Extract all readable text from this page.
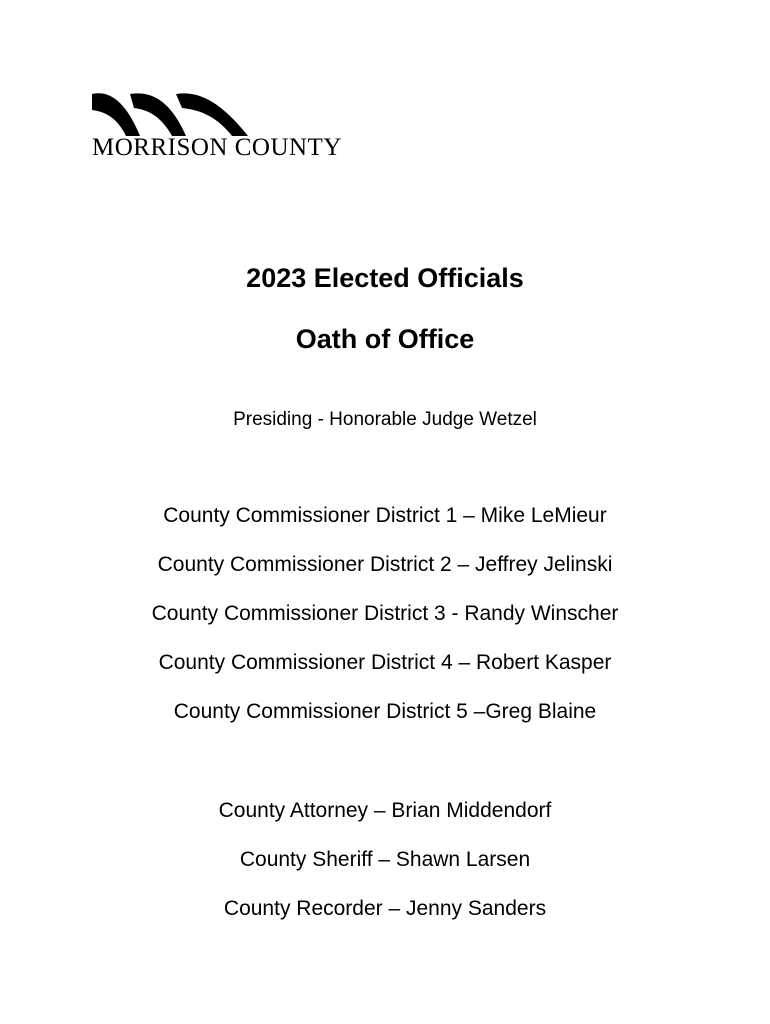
MORRISON COUNTY
2023 Elected Officials
Oath of Office
Presiding - Honorable Judge Wetzel
County Commissioner District 1 – Mike LeMieur
County Commissioner District 2 – Jeffrey Jelinski
County Commissioner District 3 - Randy Winscher
County Commissioner District 4 – Robert Kasper
County Commissioner District 5 –Greg Blaine
County Attorney – Brian Middendorf
County Sheriff – Shawn Larsen
County Recorder – Jenny Sanders
